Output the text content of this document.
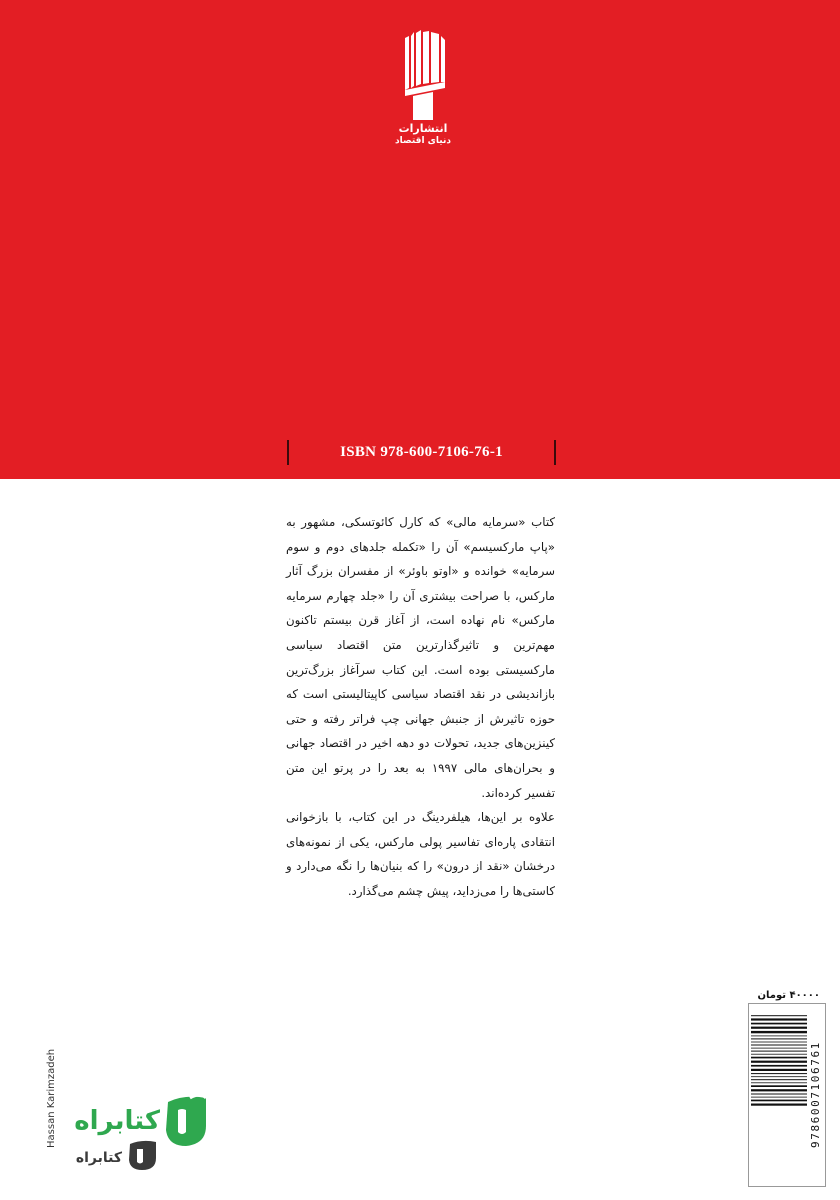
انتشارات
دنیای اقتصاد
ISBN 978-600-7106-76-1

کتاب «سرمایه مالی» که کارل کائوتسکی، مشهور به «پاپ مارکسیسم» آن را «تکمله جلدهای دوم و سوم سرمایه» خوانده و «اوتو باوئر» از مفسران بزرگ آثار مارکس، با صراحت بیشتری آن را «جلد چهارم سرمایه مارکس» نام نهاده است، از آغاز قرن بیستم تاکنون مهم‌ترین و تاثیرگذارترین متن اقتصاد سیاسی مارکسیستی بوده است. این کتاب سرآغاز بزرگ‌ترین بازاندیشی در نقد اقتصاد سیاسی کاپیتالیستی است که حوزه تاثیرش از جنبش جهانی چپ فراتر رفته و حتی کینزین‌های جدید، تحولات دو دهه اخیر در اقتصاد جهانی و بحران‌های مالی ۱۹۹۷ به بعد را در پرتو این متن تفسیر کرده‌اند.

علاوه بر این‌ها، هیلفردینگ در این کتاب، با بازخوانی انتقادی پاره‌ای تفاسیر پولی مارکس، یکی از نمونه‌های درخشان «نقد از درون» را که بنیان‌ها را نگه می‌دارد و کاستی‌ها را می‌زداید، پیش چشم می‌گذارد.

۴۰۰۰۰ تومان
9786007106761
Hassan Karimzadeh کتابراه
کتابراه
